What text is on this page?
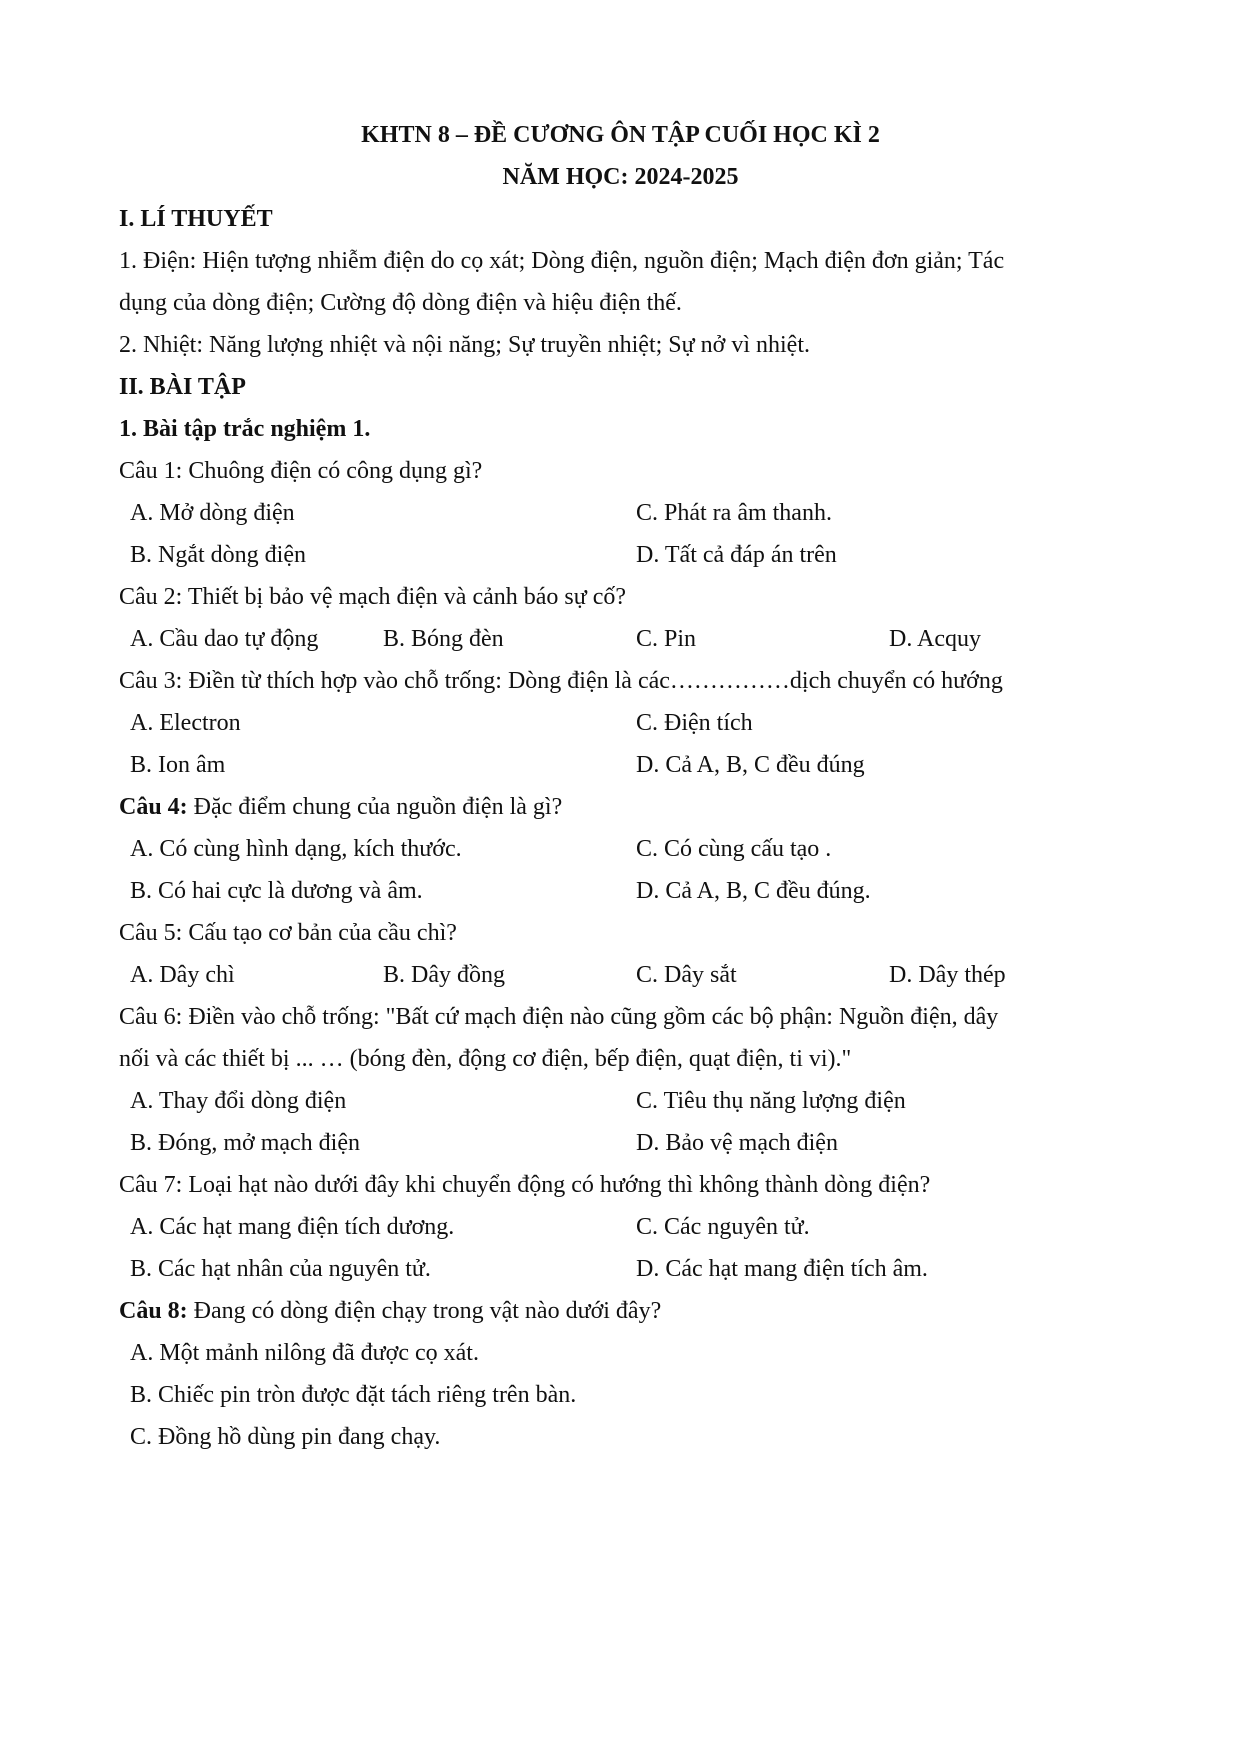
KHTN 8 – ĐỀ CƯƠNG ÔN TẬP CUỐI HỌC KÌ 2
NĂM HỌC: 2024-2025
I. LÍ THUYẾT
1. Điện: Hiện tượng nhiễm điện do cọ xát; Dòng điện, nguồn điện; Mạch điện đơn giản; Tác
dụng của dòng điện; Cường độ dòng điện và hiệu điện thế.
2. Nhiệt: Năng lượng nhiệt và nội năng; Sự truyền nhiệt; Sự nở vì nhiệt.
II. BÀI TẬP
1. Bài tập trắc nghiệm 1.
Câu 1: Chuông điện có công dụng gì?
A. Mở dòng điện	C. Phát ra âm thanh.
B. Ngắt dòng điện	D. Tất cả đáp án trên
Câu 2: Thiết bị bảo vệ mạch điện và cảnh báo sự cố?
A. Cầu dao tự động	B. Bóng đèn	C. Pin	D. Acquy
Câu 3: Điền từ thích hợp vào chỗ trống: Dòng điện là các……………dịch chuyển có hướng
A. Electron	C. Điện tích
B. Ion âm	D. Cả A, B, C đều đúng
Câu 4: Đặc điểm chung của nguồn điện là gì?
A. Có cùng hình dạng, kích thước.	C. Có cùng cấu tạo .
B. Có hai cực là dương và âm.	D. Cả A, B, C đều đúng.
Câu 5: Cấu tạo cơ bản của cầu chì?
A. Dây chì	B. Dây đồng	C. Dây sắt	D. Dây thép
Câu 6: Điền vào chỗ trống: "Bất cứ mạch điện nào cũng gồm các bộ phận: Nguồn điện, dây
nối và các thiết bị ... … (bóng đèn, động cơ điện, bếp điện, quạt điện, ti vi)."
A. Thay đổi dòng điện	C. Tiêu thụ năng lượng điện
B. Đóng, mở mạch điện	D. Bảo vệ mạch điện
Câu 7: Loại hạt nào dưới đây khi chuyển động có hướng thì không thành dòng điện?
A. Các hạt mang điện tích dương.	C. Các nguyên tử.
B. Các hạt nhân của nguyên tử.	D. Các hạt mang điện tích âm.
Câu 8: Đang có dòng điện chạy trong vật nào dưới đây?
A. Một mảnh nilông đã được cọ xát.
B. Chiếc pin tròn được đặt tách riêng trên bàn.
C. Đồng hồ dùng pin đang chạy.
